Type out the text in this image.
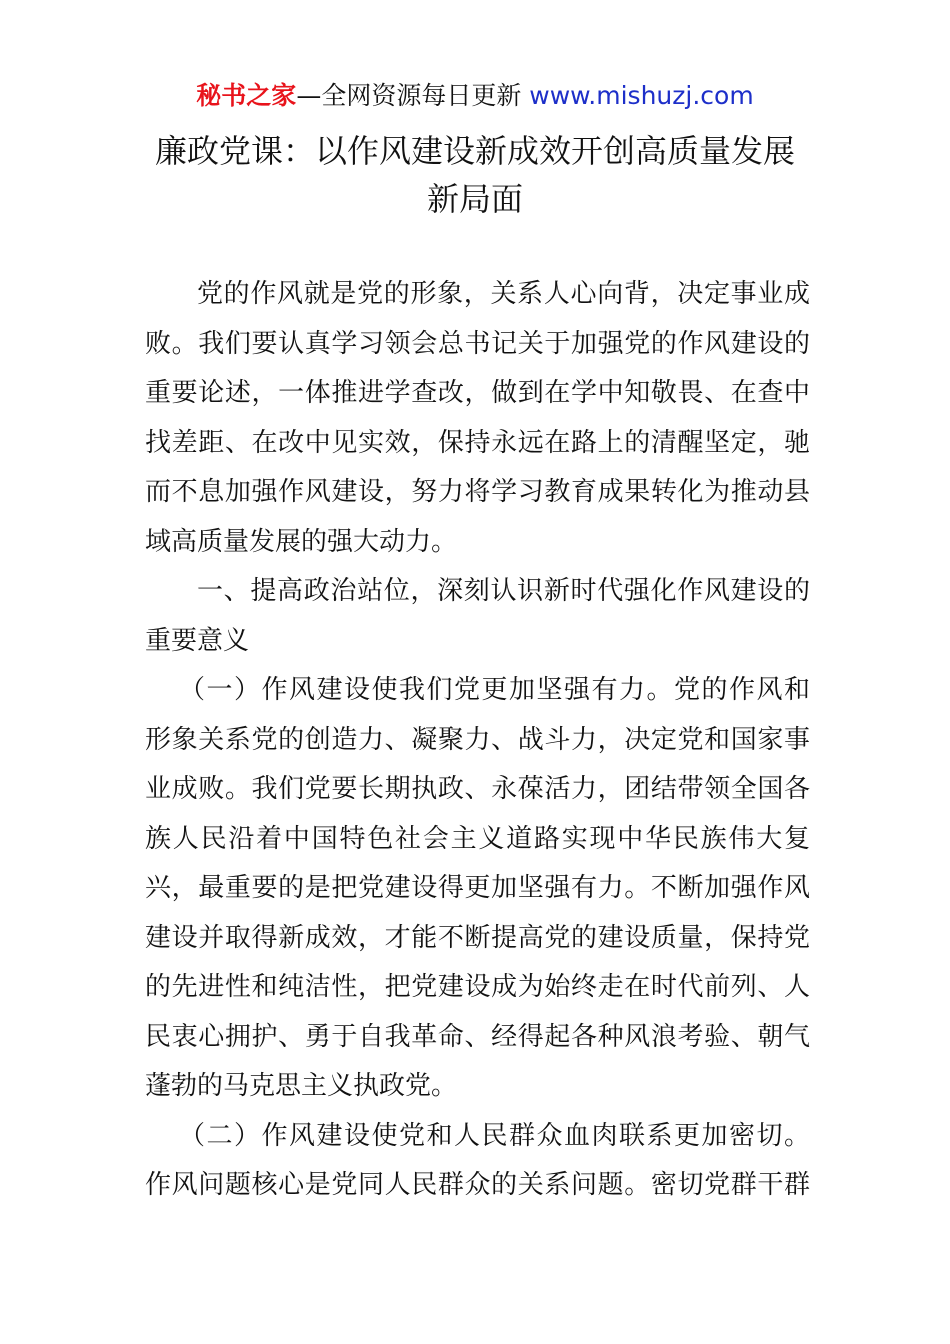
秘书之家—全网资源每日更新 www.mishuzj.com
廉政党课：以作风建设新成效开创高质量发展
新局面

党的作风就是党的形象，关系人心向背，决定事业成
败。我们要认真学习领会总书记关于加强党的作风建设的
重要论述，一体推进学查改，做到在学中知敬畏、在查中
找差距、在改中见实效，保持永远在路上的清醒坚定，驰
而不息加强作风建设，努力将学习教育成果转化为推动县
域高质量发展的强大动力。

一、提高政治站位，深刻认识新时代强化作风建设的
重要意义

（一）作风建设使我们党更加坚强有力。党的作风和
形象关系党的创造力、凝聚力、战斗力，决定党和国家事
业成败。我们党要长期执政、永葆活力，团结带领全国各
族人民沿着中国特色社会主义道路实现中华民族伟大复
兴，最重要的是把党建设得更加坚强有力。不断加强作风
建设并取得新成效，才能不断提高党的建设质量，保持党
的先进性和纯洁性，把党建设成为始终走在时代前列、人
民衷心拥护、勇于自我革命、经得起各种风浪考验、朝气
蓬勃的马克思主义执政党。

（二）作风建设使党和人民群众血肉联系更加密切。
作风问题核心是党同人民群众的关系问题。密切党群干群
